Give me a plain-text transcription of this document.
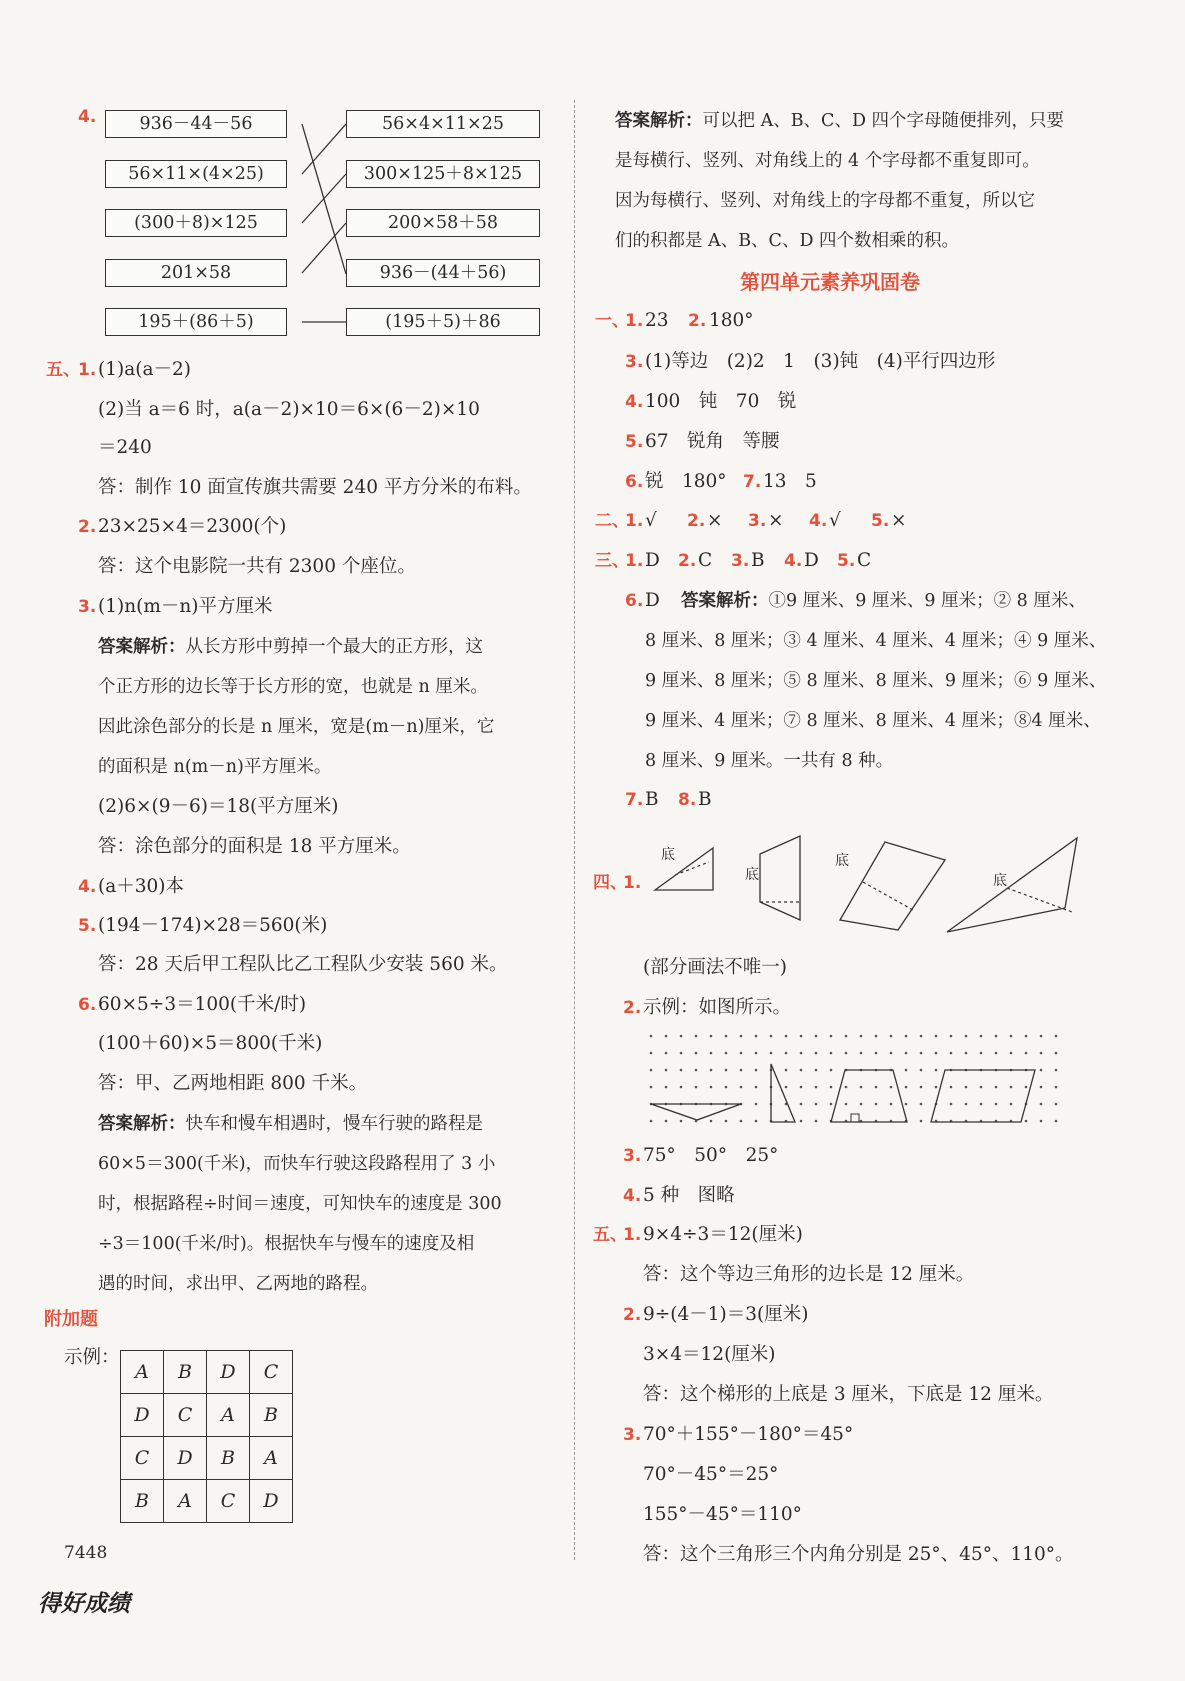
4.	936－44－56
56×11×(4×25)
(300＋8)×125
201×58
195＋(86＋5)
56×4×11×25
300×125＋8×125
200×58＋58
936－(44＋56)
(195＋5)＋86
五、
1. (1)a(a－2)
(2)当 a＝6 时，a(a－2)×10＝6×(6－2)×10
＝240
答：制作 10 面宣传旗共需要 240 平方分米的布料。
2. 23×25×4＝2300(个)
答：这个电影院一共有 2300 个座位。
3. (1)n(m－n)平方厘米
答案解析：从长方形中剪掉一个最大的正方形，这
个正方形的边长等于长方形的宽，也就是 n 厘米。
因此涂色部分的长是 n 厘米，宽是(m－n)厘米，它
的面积是 n(m－n)平方厘米。
(2)6×(9－6)＝18(平方厘米)
答：涂色部分的面积是 18 平方厘米。
4. (a＋30)本
5. (194－174)×28＝560(米)
答：28 天后甲工程队比乙工程队少安装 560 米。
6. 60×5÷3＝100(千米/时)
(100＋60)×5＝800(千米)
答：甲、乙两地相距 800 千米。
答案解析：快车和慢车相遇时，慢车行驶的路程是
60×5＝300(千米)，而快车行驶这段路程用了 3 小
时，根据路程÷时间＝速度，可知快车的速度是 300
÷3＝100(千米/时)。根据快车与慢车的速度及相
遇的时间，求出甲、乙两地的路程。
附加题
示例：
A	B	D	C
D	C	A	B
C	D	B	A
B	A	C	D
7448
答案解析：可以把 A、B、C、D 四个字母随便排列，只要
是每横行、竖列、对角线上的 4 个字母都不重复即可。
因为每横行、竖列、对角线上的字母都不重复，所以它
们的积都是 A、B、C、D 四个数相乘的积。
第四单元素养巩固卷
一、
1. 23 2. 180°
3. (1)等边　(2)2　1　(3)钝　(4)平行四边形
4. 100　钝　70　锐
5. 67　锐角　等腰
6. 锐　180° 7. 13　5
二、
1. √ 2. × 3. × 4. √ 5. ×
三、
1. D 2. C 3. B 4. D 5. C
6. D 答案解析：①9 厘米、9 厘米、9 厘米；② 8 厘米、
8 厘米、8 厘米；③ 4 厘米、4 厘米、4 厘米；④ 9 厘米、
9 厘米、8 厘米；⑤ 8 厘米、8 厘米、9 厘米；⑥ 9 厘米、
9 厘米、4 厘米；⑦ 8 厘米、8 厘米、4 厘米；⑧4 厘米、
8 厘米、9 厘米。一共有 8 种。
7. B 8. B
四、
1.
底
底
底
底
(部分画法不唯一)
2. 示例：如图所示。
3. 75°　50°　25°
4. 5 种　图略
五、
1. 9×4÷3＝12(厘米)
答：这个等边三角形的边长是 12 厘米。
2. 9÷(4－1)＝3(厘米)
3×4＝12(厘米)
答：这个梯形的上底是 3 厘米，下底是 12 厘米。
3. 70°＋155°－180°＝45°
70°－45°＝25°
155°－45°＝110°
答：这个三角形三个内角分别是 25°、45°、110°。
得好成绩
